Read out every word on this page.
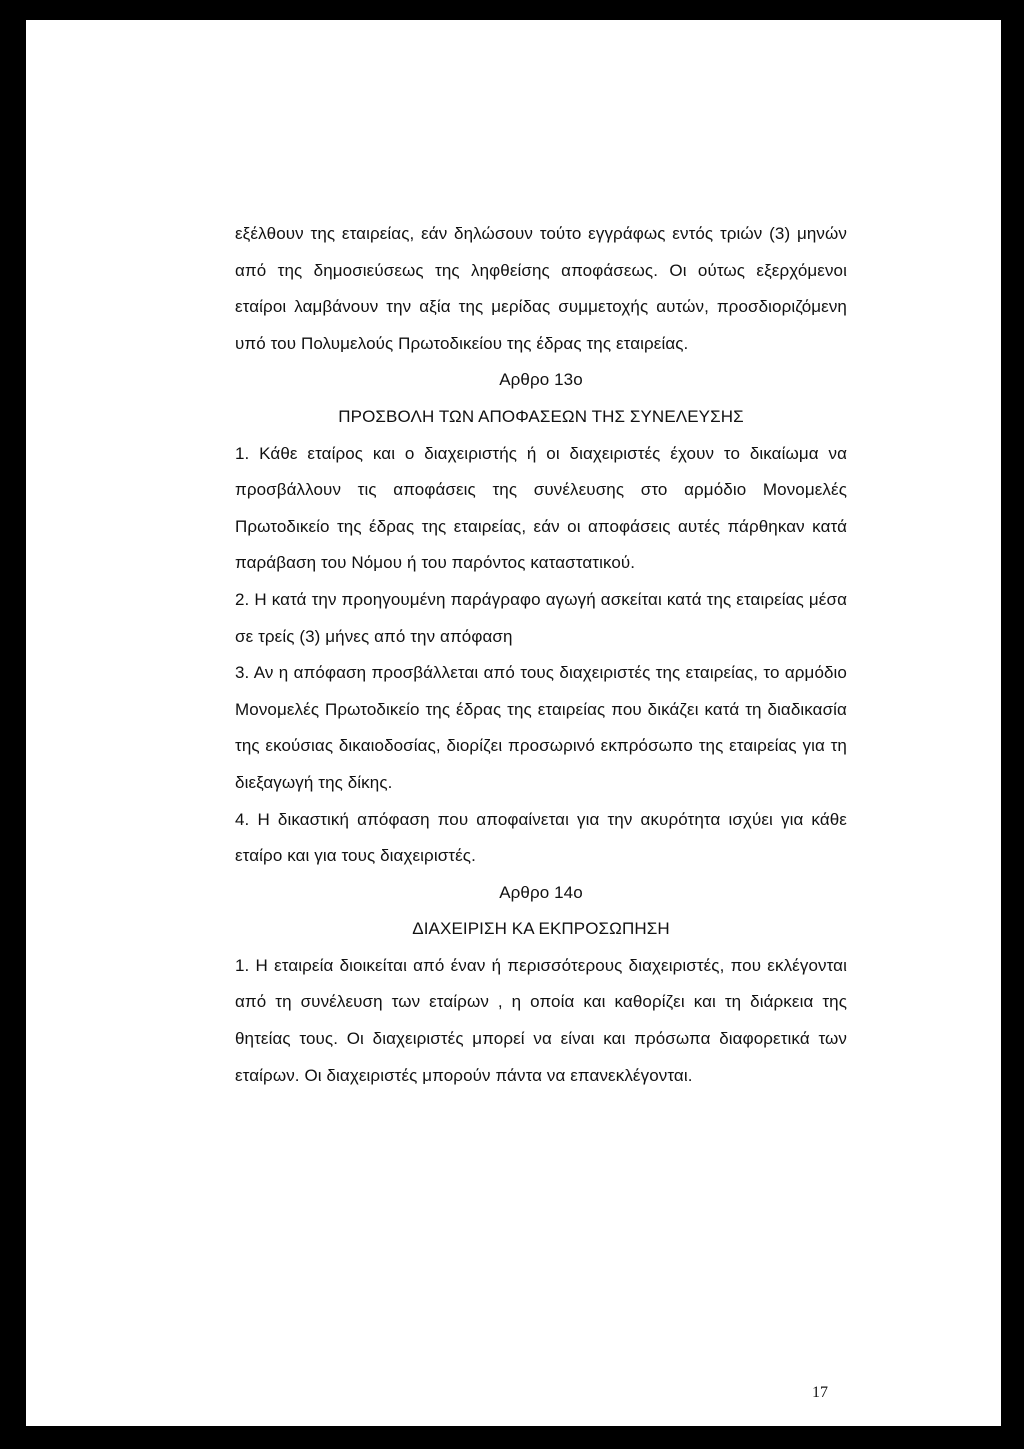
εξέλθουν της εταιρείας, εάν δηλώσουν τούτο εγγράφως εντός τριών (3) μηνών από της δημοσιεύσεως της ληφθείσης αποφάσεως. Οι ούτως εξερχόμενοι εταίροι λαμβάνουν την αξία της μερίδας συμμετοχής αυτών, προσδιοριζόμενη υπό του Πολυμελούς Πρωτοδικείου της έδρας της εταιρείας.

Αρθρο 13ο

ΠΡΟΣΒΟΛΗ ΤΩΝ ΑΠΟΦΑΣΕΩΝ ΤΗΣ ΣΥΝΕΛΕΥΣΗΣ

1. Κάθε εταίρος και ο διαχειριστής ή οι διαχειριστές έχουν το δικαίωμα να προσβάλλουν τις αποφάσεις της συνέλευσης στο αρμόδιο Μονομελές Πρωτοδικείο της έδρας της εταιρείας, εάν οι αποφάσεις αυτές πάρθηκαν κατά παράβαση του Νόμου ή του παρόντος καταστατικού.

2. Η κατά την προηγουμένη παράγραφο αγωγή ασκείται κατά της εταιρείας μέσα σε τρείς (3) μήνες από την απόφαση

3. Αν η απόφαση προσβάλλεται από τους διαχειριστές της εταιρείας, το αρμόδιο Μονομελές Πρωτοδικείο της έδρας της εταιρείας που δικάζει κατά τη διαδικασία της εκούσιας δικαιοδοσίας, διορίζει προσωρινό εκπρόσωπο της εταιρείας για τη διεξαγωγή της δίκης.

4. Η δικαστική απόφαση που αποφαίνεται για την ακυρότητα ισχύει για κάθε εταίρο και για τους διαχειριστές.

Αρθρο 14ο

ΔΙΑΧΕΙΡΙΣΗ ΚΑ ΕΚΠΡΟΣΩΠΗΣΗ

1. Η εταιρεία διοικείται από έναν ή περισσότερους διαχειριστές, που εκλέγονται από τη συνέλευση των εταίρων , η οποία και καθορίζει και τη διάρκεια της θητείας τους. Οι διαχειριστές μπορεί να είναι και πρόσωπα διαφορετικά των εταίρων. Οι διαχειριστές μπορούν πάντα να επανεκλέγονται.

17
